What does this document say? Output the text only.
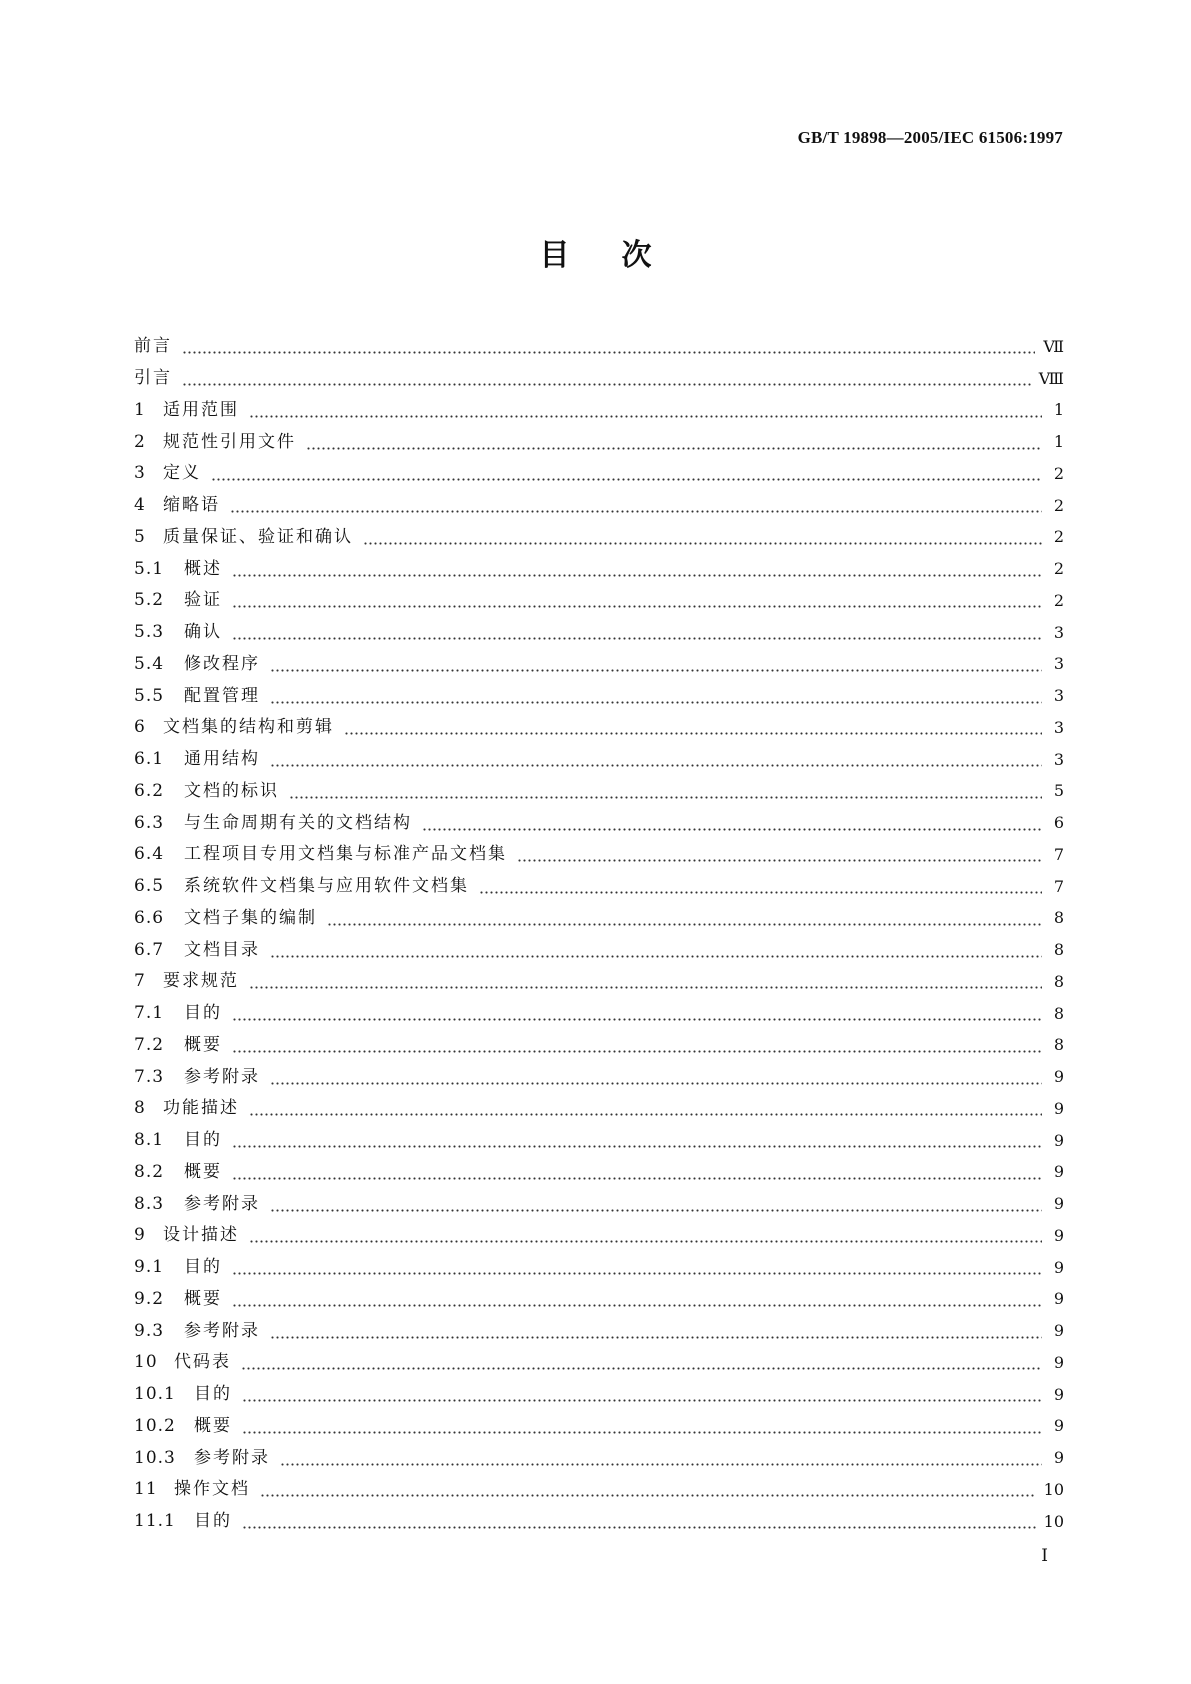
GB/T 19898—2005/IEC 61506:1997
目次
前言	Ⅶ
引言	Ⅷ
1	适用范围	1
2	规范性引用文件	1
3	定义	2
4	缩略语	2
5	质量保证、验证和确认	2
5.1	概述	2
5.2	验证	2
5.3	确认	3
5.4	修改程序	3
5.5	配置管理	3
6	文档集的结构和剪辑	3
6.1	通用结构	3
6.2	文档的标识	5
6.3	与生命周期有关的文档结构	6
6.4	工程项目专用文档集与标准产品文档集	7
6.5	系统软件文档集与应用软件文档集	7
6.6	文档子集的编制	8
6.7	文档目录	8
7	要求规范	8
7.1	目的	8
7.2	概要	8
7.3	参考附录	9
8	功能描述	9
8.1	目的	9
8.2	概要	9
8.3	参考附录	9
9	设计描述	9
9.1	目的	9
9.2	概要	9
9.3	参考附录	9
10 代码表	9
10.1	目的	9
10.2	概要	9
10.3	参考附录	9
11 操作文档	10
11.1	目的	10
Ⅰ
